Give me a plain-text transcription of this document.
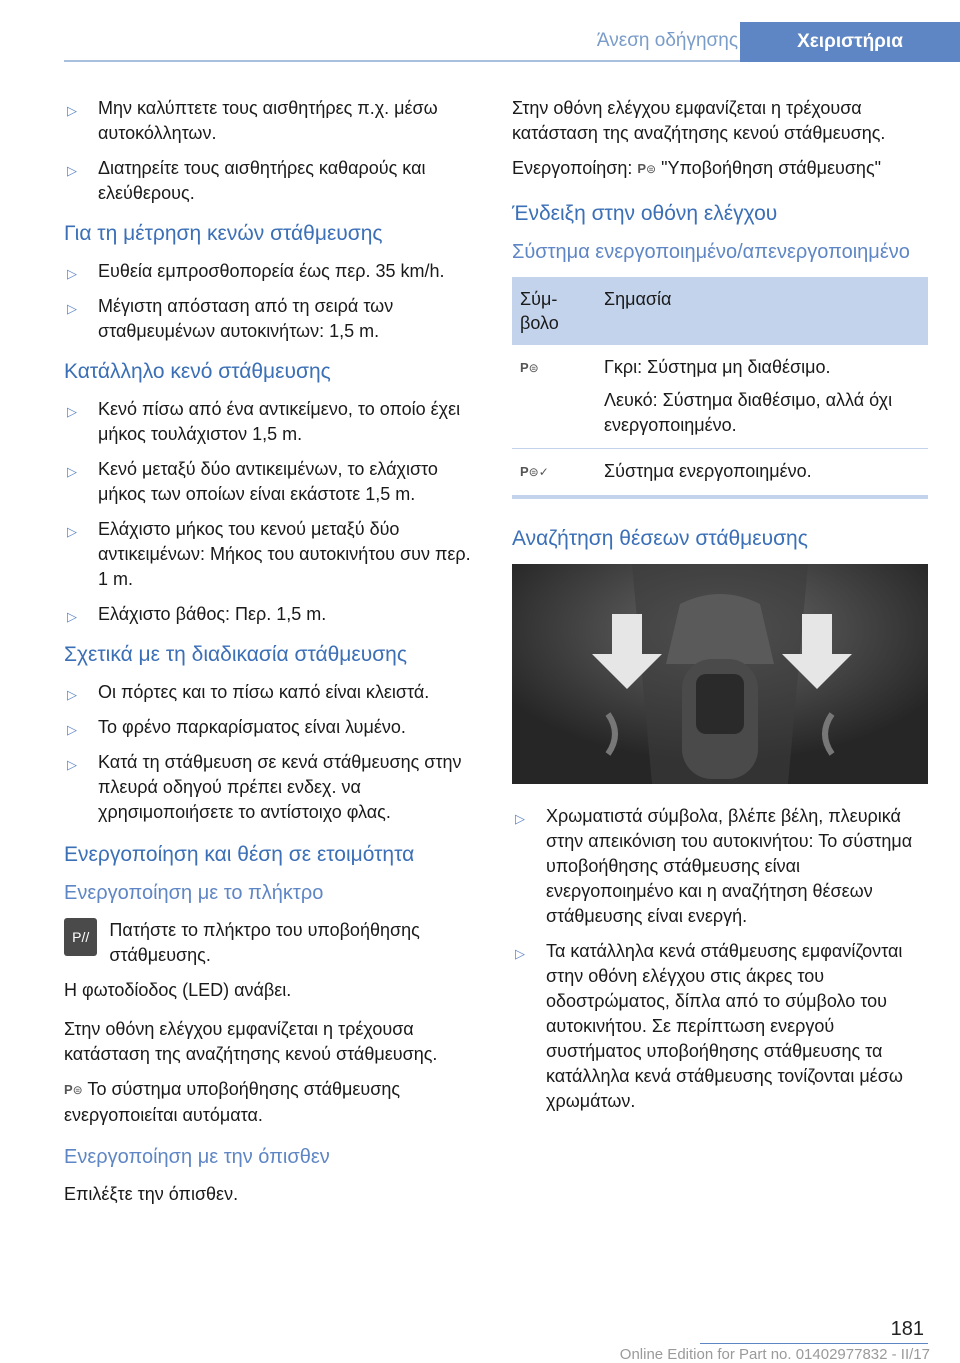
Άνεση οδήγησης	Χειριστήρια
▷ Μην καλύπτετε τους αισθητήρες π.χ. μέσω αυτοκόλλητων.
▷ Διατηρείτε τους αισθητήρες καθαρούς και ελεύθερους.
Για τη μέτρηση κενών στάθμευσης
▷ Ευθεία εμπροσθοπορεία έως περ. 35 km/h.
▷ Μέγιστη απόσταση από τη σειρά των σταθμευμένων αυτοκινήτων: 1,5 m.
Κατάλληλο κενό στάθμευσης
▷ Κενό πίσω από ένα αντικείμενο, το οποίο έχει μήκος τουλάχιστον 1,5 m.
▷ Κενό μεταξύ δύο αντικειμένων, το ελάχιστο μήκος των οποίων είναι εκάστοτε 1,5 m.
▷ Ελάχιστο μήκος του κενού μεταξύ δύο αντικειμένων: Μήκος του αυτοκινήτου συν περ. 1 m.
▷ Ελάχιστο βάθος: Περ. 1,5 m.
Σχετικά με τη διαδικασία στάθμευσης
▷ Οι πόρτες και το πίσω καπό είναι κλειστά.
▷ Το φρένο παρκαρίσματος είναι λυμένο.
▷ Κατά τη στάθμευση σε κενά στάθμευσης στην πλευρά οδηγού πρέπει ενδεχ. να χρησιμοποιήσετε το αντίστοιχο φλας.
Ενεργοποίηση και θέση σε ετοιμότητα
Ενεργοποίηση με το πλήκτρο
P//	Πατήστε το πλήκτρο του υποβοήθησης στάθμευσης.
Η φωτοδίοδος (LED) ανάβει.
Στην οθόνη ελέγχου εμφανίζεται η τρέχουσα κατάσταση της αναζήτησης κενού στάθμευσης.
P⊜ Το σύστημα υποβοήθησης στάθμευσης ενεργοποιείται αυτόματα.
Ενεργοποίηση με την όπισθεν
Επιλέξτε την όπισθεν.
Στην οθόνη ελέγχου εμφανίζεται η τρέχουσα κατάσταση της αναζήτησης κενού στάθμευσης.
Ενεργοποίηση: P⊜ "Υποβοήθηση στάθμευσης"
Ένδειξη στην οθόνη ελέγχου
Σύστημα ενεργοποιημένο/απενεργοποιημένο
Σύμ-βολο	Σημασία
P⊜	Γκρι: Σύστημα μη διαθέσιμο.
Λευκό: Σύστημα διαθέσιμο, αλλά όχι ενεργοποιημένο.

P⊜✓	Σύστημα ενεργοποιημένο.
Αναζήτηση θέσεων στάθμευσης
▷ Χρωματιστά σύμβολα, βλέπε βέλη, πλευρικά στην απεικόνιση του αυτοκινήτου: Το σύστημα υποβοήθησης στάθμευσης είναι ενεργοποιημένο και η αναζήτηση θέσεων στάθμευσης είναι ενεργή.
▷ Τα κατάλληλα κενά στάθμευσης εμφανίζονται στην οθόνη ελέγχου στις άκρες του οδοστρώματος, δίπλα από το σύμβολο του αυτοκινήτου. Σε περίπτωση ενεργού συστήματος υποβοήθησης στάθμευσης τα κατάλληλα κενά στάθμευσης τονίζονται μέσω χρωμάτων.
181
Online Edition for Part no. 01402977832 - II/17
